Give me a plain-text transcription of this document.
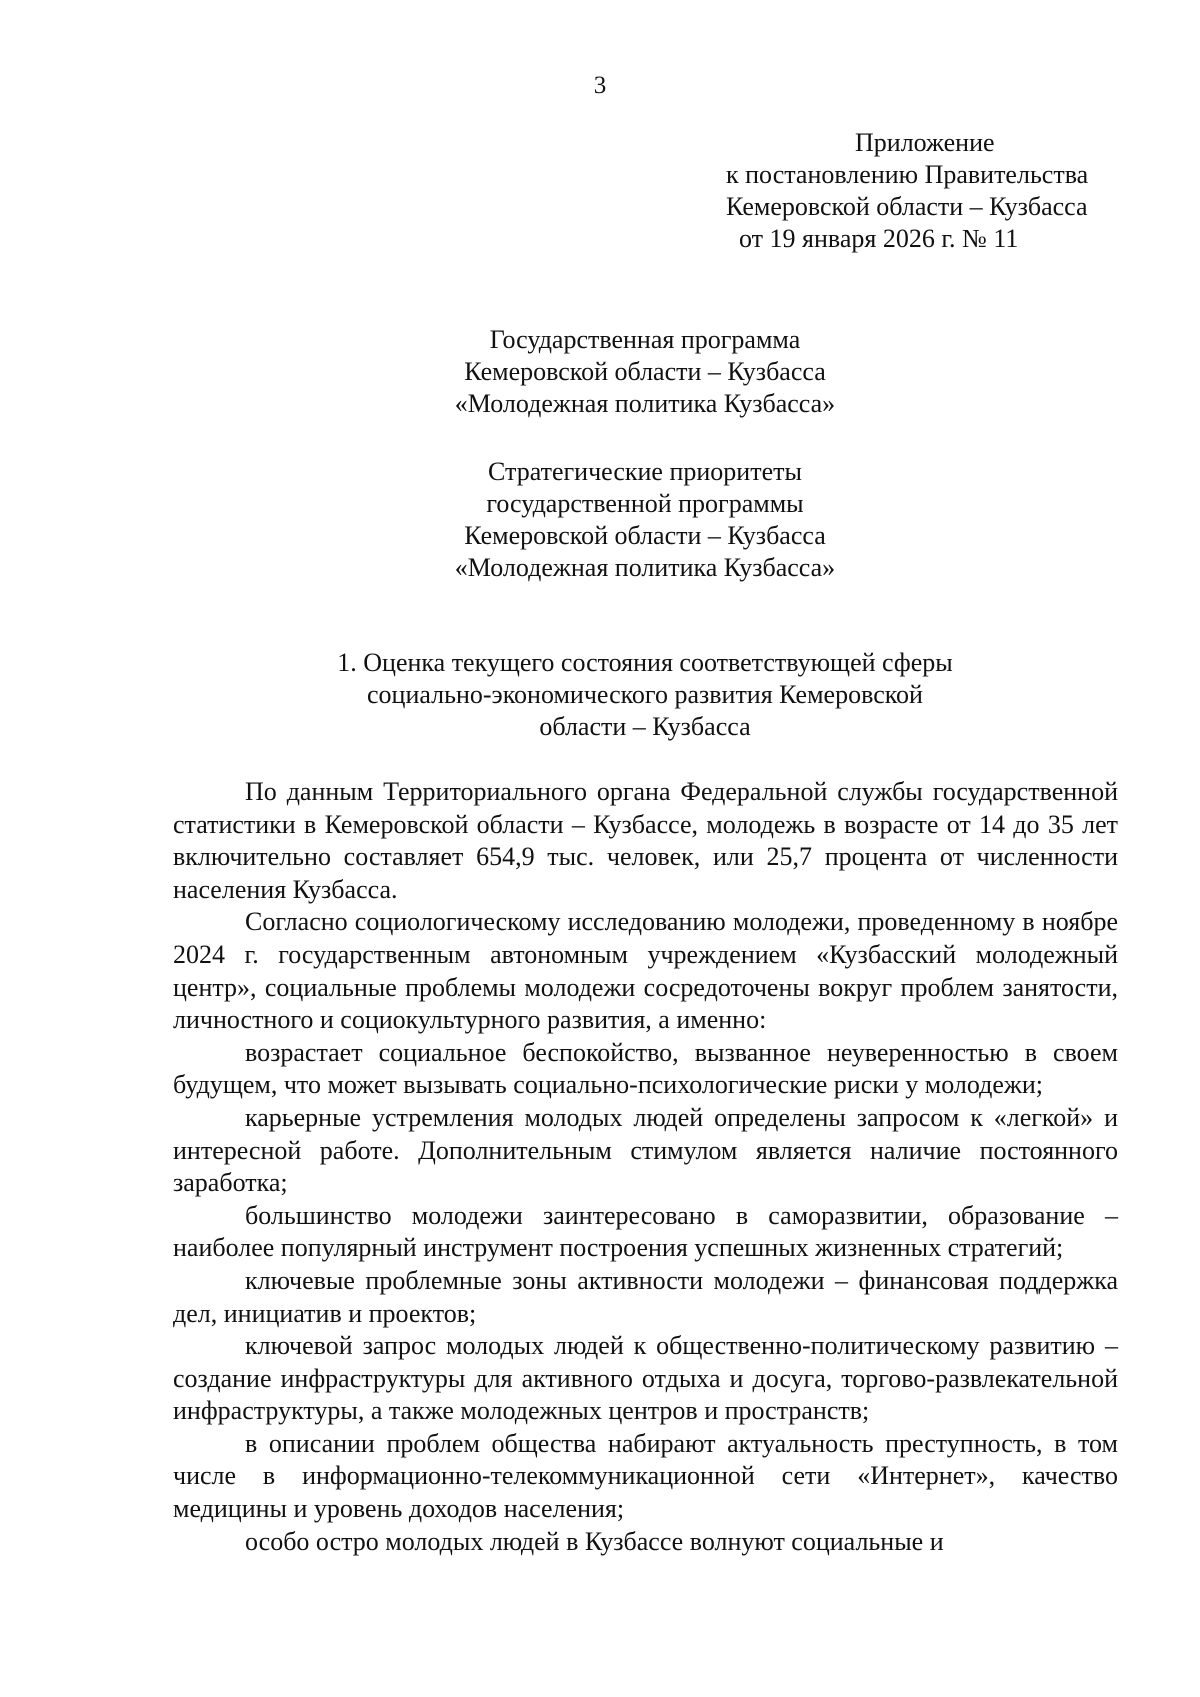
3
Приложение
к постановлению Правительства
Кемеровской области – Кузбасса
от 19 января 2026 г. № 11
Государственная программа
Кемеровской области – Кузбасса
«Молодежная политика Кузбасса»
Стратегические приоритеты
государственной программы
Кемеровской области – Кузбасса
«Молодежная политика Кузбасса»
1. Оценка текущего состояния соответствующей сферы
социально-экономического развития Кемеровской
области – Кузбасса

По данным Территориального органа Федеральной службы государственной статистики в Кемеровской области – Кузбассе, молодежь в возрасте от 14 до 35 лет включительно составляет 654,9 тыс. человек, или 25,7 процента от численности населения Кузбасса.

Согласно социологическому исследованию молодежи, проведенному в ноябре 2024 г. государственным автономным учреждением «Кузбасский молодежный центр», социальные проблемы молодежи сосредоточены вокруг проблем занятости, личностного и социокультурного развития, а именно:

возрастает социальное беспокойство, вызванное неуверенностью в своем будущем, что может вызывать социально-психологические риски у молодежи;

карьерные устремления молодых людей определены запросом к «легкой» и интересной работе. Дополнительным стимулом является наличие постоянного заработка;

большинство молодежи заинтересовано в саморазвитии, образование – наиболее популярный инструмент построения успешных жизненных стратегий;

ключевые проблемные зоны активности молодежи – финансовая поддержка дел, инициатив и проектов;

ключевой запрос молодых людей к общественно-политическому развитию – создание инфраструктуры для активного отдыха и досуга, торгово-развлекательной инфраструктуры, а также молодежных центров и пространств;

в описании проблем общества набирают актуальность преступность, в том числе в информационно-телекоммуникационной сети «Интернет», качество медицины и уровень доходов населения;

особо остро молодых людей в Кузбассе волнуют социальные и
